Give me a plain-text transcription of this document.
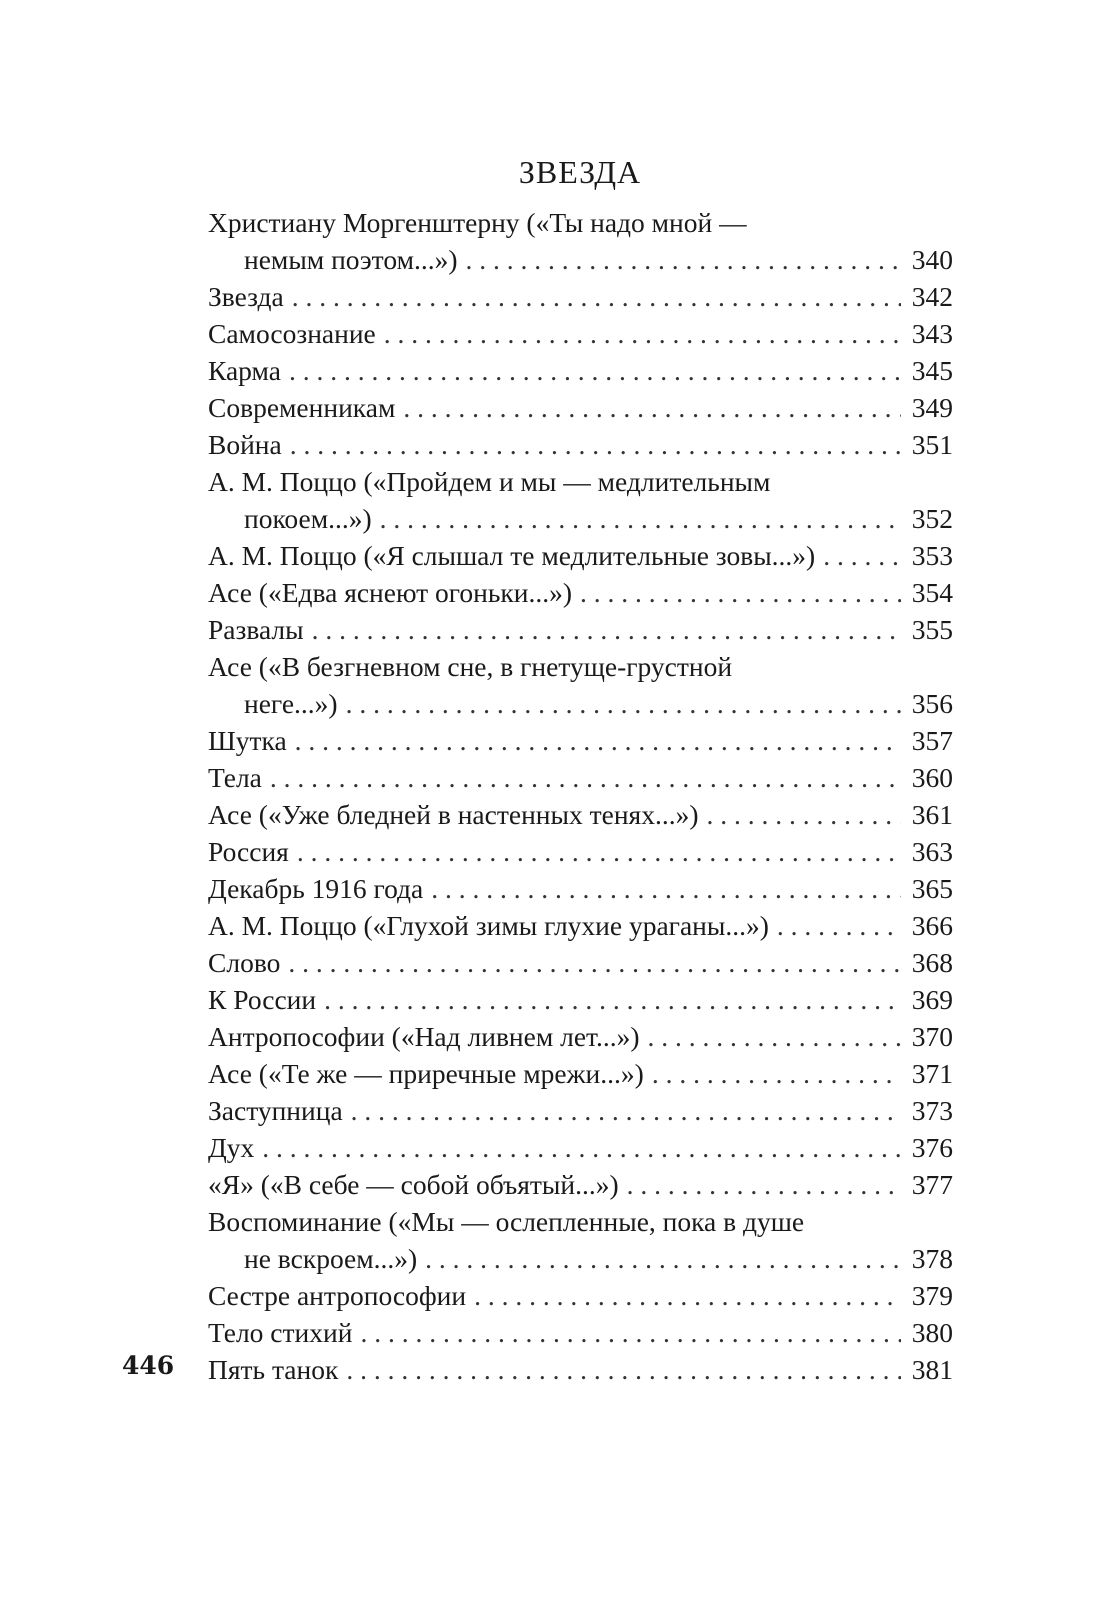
ЗВЕЗДА
Христиану Моргенштерну («Ты надо мной —
немым поэтом...») . . .	340
Звезда . . .	342
Самосознание . . .	343
Карма . . .	345
Современникам . . .	349
Война . . .	351
А. М. Поццо («Пройдем и мы — медлительным
покоем...») . . .	352
А. М. Поццо («Я слышал те медлительные зовы...») . . .	353
Асе («Едва яснеют огоньки...») . . .	354
Развалы . . .	355
Асе («В безгневном сне, в гнетуще-грустной
неге...») . . .	356
Шутка . . .	357
Тела . . .	360
Асе («Уже бледней в настенных тенях...») . . .	361
Россия . . .	363
Декабрь 1916 года . . .	365
А. М. Поццо («Глухой зимы глухие ураганы...») . . .	366
Слово . . .	368
К России . . .	369
Антропософии («Над ливнем лет...») . . .	370
Асе («Те же — приречные мрежи...») . . .	371
Заступница . . .	373
Дух . . .	376
«Я» («В себе — собой объятый...») . . .	377
Воспоминание («Мы — ослепленные, пока в душе
не вскроем...») . . .	378
Сестре антропософии . . .	379
Тело стихий . . .	380
Пять танок . . .	381
446
